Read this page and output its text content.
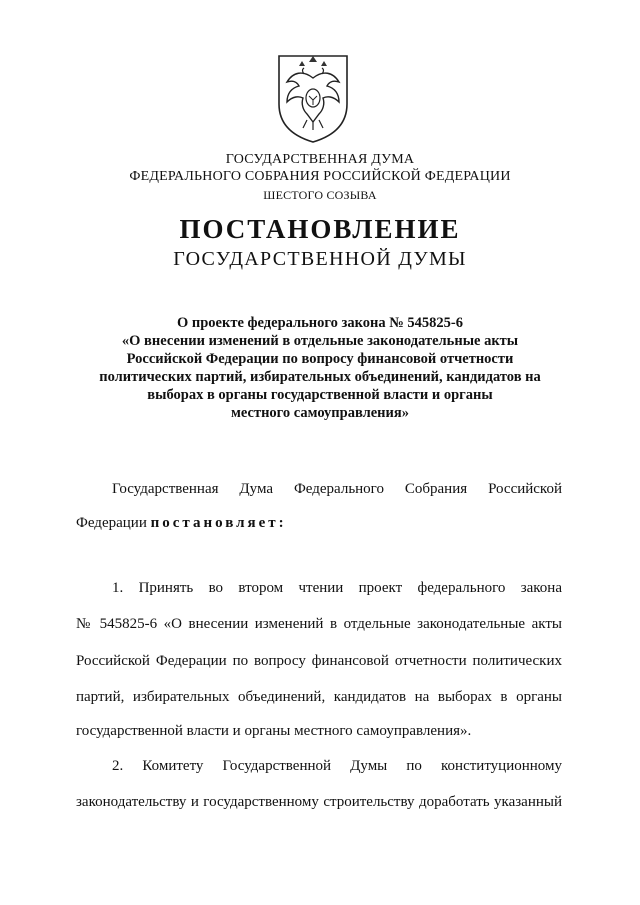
ГОСУДАРСТВЕННАЯ ДУМА
ФЕДЕРАЛЬНОГО СОБРАНИЯ РОССИЙСКОЙ ФЕДЕРАЦИИ
ШЕСТОГО СОЗЫВА
ПОСТАНОВЛЕНИЕ
ГОСУДАРСТВЕННОЙ ДУМЫ
О проекте федерального закона № 545825-6
«О внесении изменений в отдельные законодательные акты
Российской Федерации по вопросу финансовой отчетности
политических партий, избирательных объединений, кандидатов на
выборах в органы государственной власти и органы
местного самоуправления»
Государственная Дума Федерального Собрания Российской
Федерации постановляет:
1. Принять во втором чтении проект федерального закона
№ 545825-6 «О внесении изменений в отдельные законодательные акты
Российской Федерации по вопросу финансовой отчетности политических
партий, избирательных объединений, кандидатов на выборах в органы
государственной власти и органы местного самоуправления».
2. Комитету Государственной Думы по конституционному
законодательству и государственному строительству доработать указанный
